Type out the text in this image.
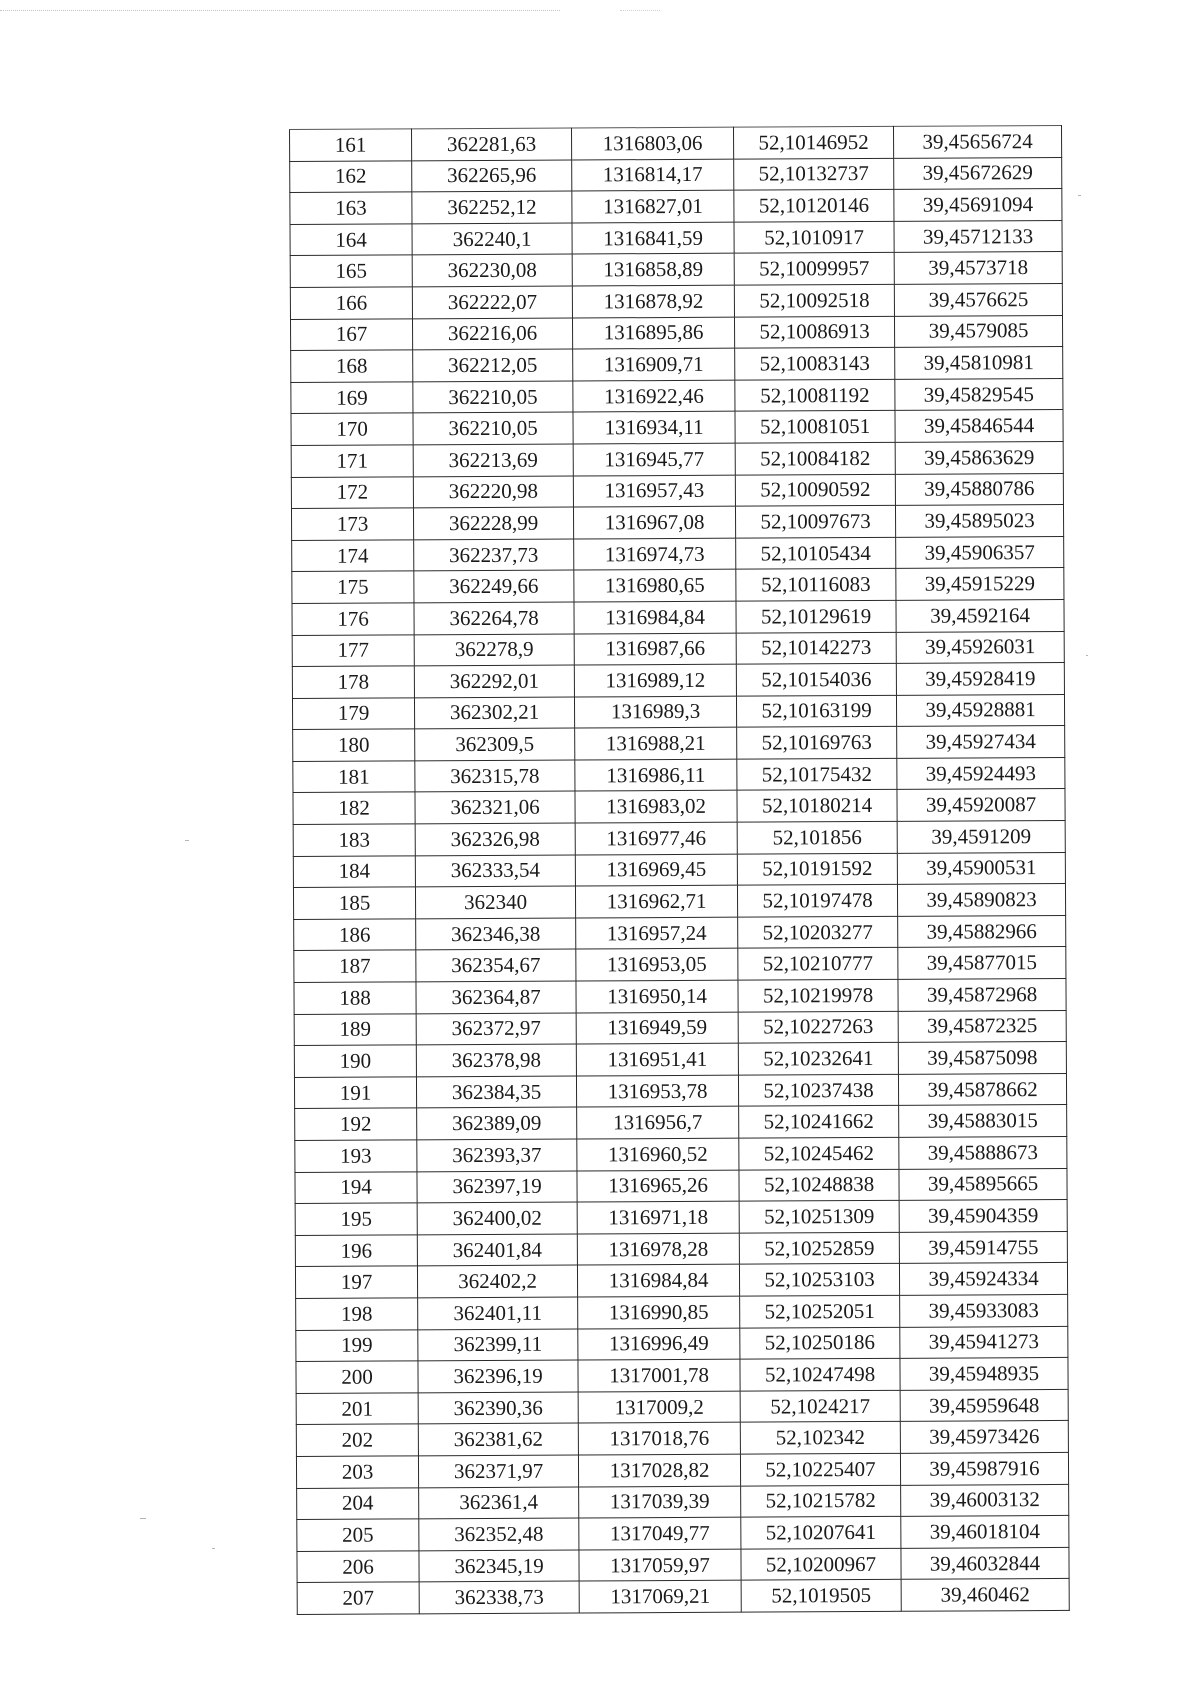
161	362281,63	1316803,06	52,10146952	39,45656724
162	362265,96	1316814,17	52,10132737	39,45672629
163	362252,12	1316827,01	52,10120146	39,45691094
164	362240,1	1316841,59	52,1010917	39,45712133
165	362230,08	1316858,89	52,10099957	39,4573718
166	362222,07	1316878,92	52,10092518	39,4576625
167	362216,06	1316895,86	52,10086913	39,4579085
168	362212,05	1316909,71	52,10083143	39,45810981
169	362210,05	1316922,46	52,10081192	39,45829545
170	362210,05	1316934,11	52,10081051	39,45846544
171	362213,69	1316945,77	52,10084182	39,45863629
172	362220,98	1316957,43	52,10090592	39,45880786
173	362228,99	1316967,08	52,10097673	39,45895023
174	362237,73	1316974,73	52,10105434	39,45906357
175	362249,66	1316980,65	52,10116083	39,45915229
176	362264,78	1316984,84	52,10129619	39,4592164
177	362278,9	1316987,66	52,10142273	39,45926031
178	362292,01	1316989,12	52,10154036	39,45928419
179	362302,21	1316989,3	52,10163199	39,45928881
180	362309,5	1316988,21	52,10169763	39,45927434
181	362315,78	1316986,11	52,10175432	39,45924493
182	362321,06	1316983,02	52,10180214	39,45920087
183	362326,98	1316977,46	52,101856	39,4591209
184	362333,54	1316969,45	52,10191592	39,45900531
185	362340	1316962,71	52,10197478	39,45890823
186	362346,38	1316957,24	52,10203277	39,45882966
187	362354,67	1316953,05	52,10210777	39,45877015
188	362364,87	1316950,14	52,10219978	39,45872968
189	362372,97	1316949,59	52,10227263	39,45872325
190	362378,98	1316951,41	52,10232641	39,45875098
191	362384,35	1316953,78	52,10237438	39,45878662
192	362389,09	1316956,7	52,10241662	39,45883015
193	362393,37	1316960,52	52,10245462	39,45888673
194	362397,19	1316965,26	52,10248838	39,45895665
195	362400,02	1316971,18	52,10251309	39,45904359
196	362401,84	1316978,28	52,10252859	39,45914755
197	362402,2	1316984,84	52,10253103	39,45924334
198	362401,11	1316990,85	52,10252051	39,45933083
199	362399,11	1316996,49	52,10250186	39,45941273
200	362396,19	1317001,78	52,10247498	39,45948935
201	362390,36	1317009,2	52,1024217	39,45959648
202	362381,62	1317018,76	52,102342	39,45973426
203	362371,97	1317028,82	52,10225407	39,45987916
204	362361,4	1317039,39	52,10215782	39,46003132
205	362352,48	1317049,77	52,10207641	39,46018104
206	362345,19	1317059,97	52,10200967	39,46032844
207	362338,73	1317069,21	52,1019505	39,460462
